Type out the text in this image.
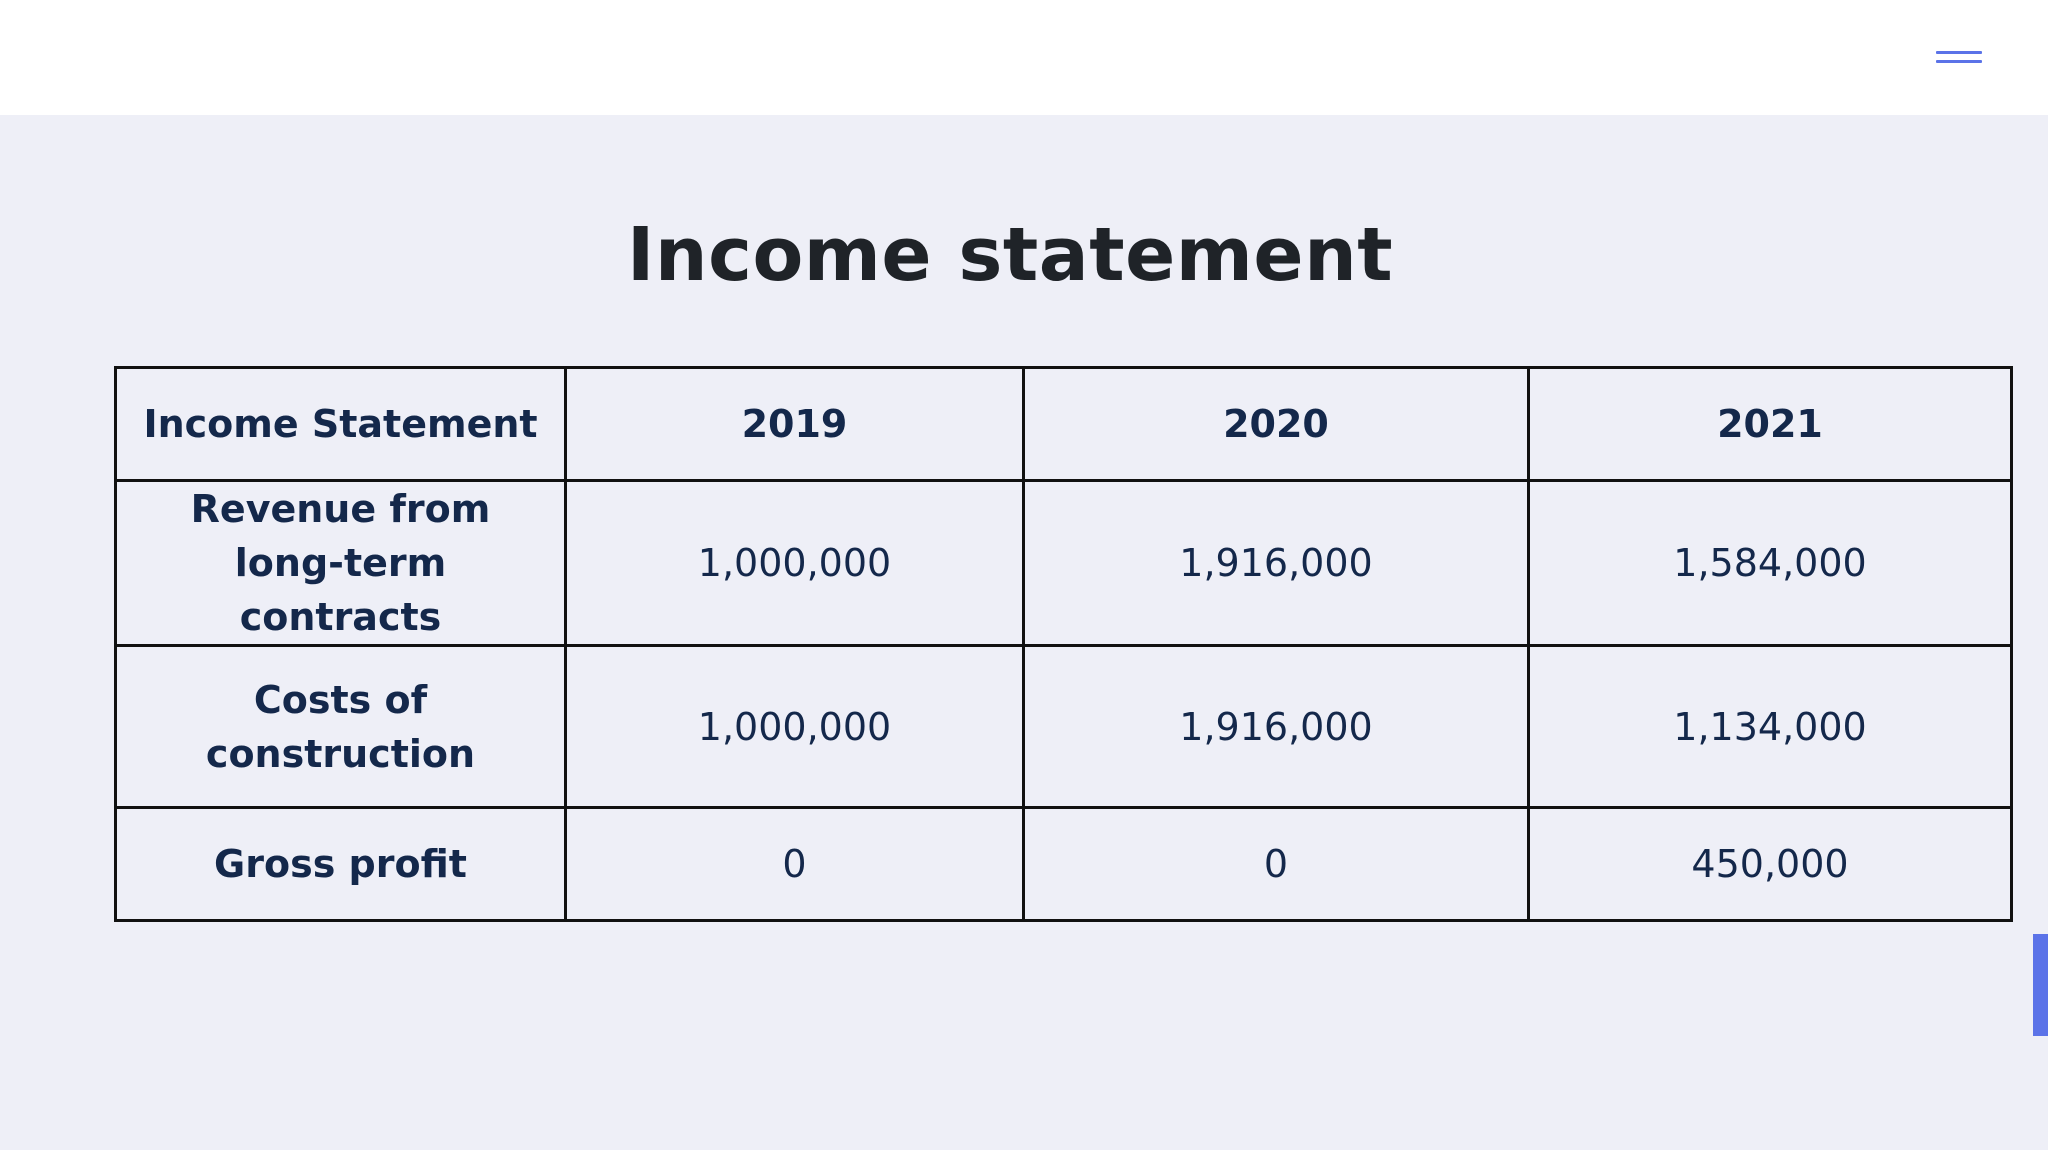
Income statement
Income Statement	2019	2020	2021
Revenue from long-term contracts	1,000,000	1,916,000	1,584,000
Costs of construction	1,000,000	1,916,000	1,134,000
Gross profit	0	0	450,000
